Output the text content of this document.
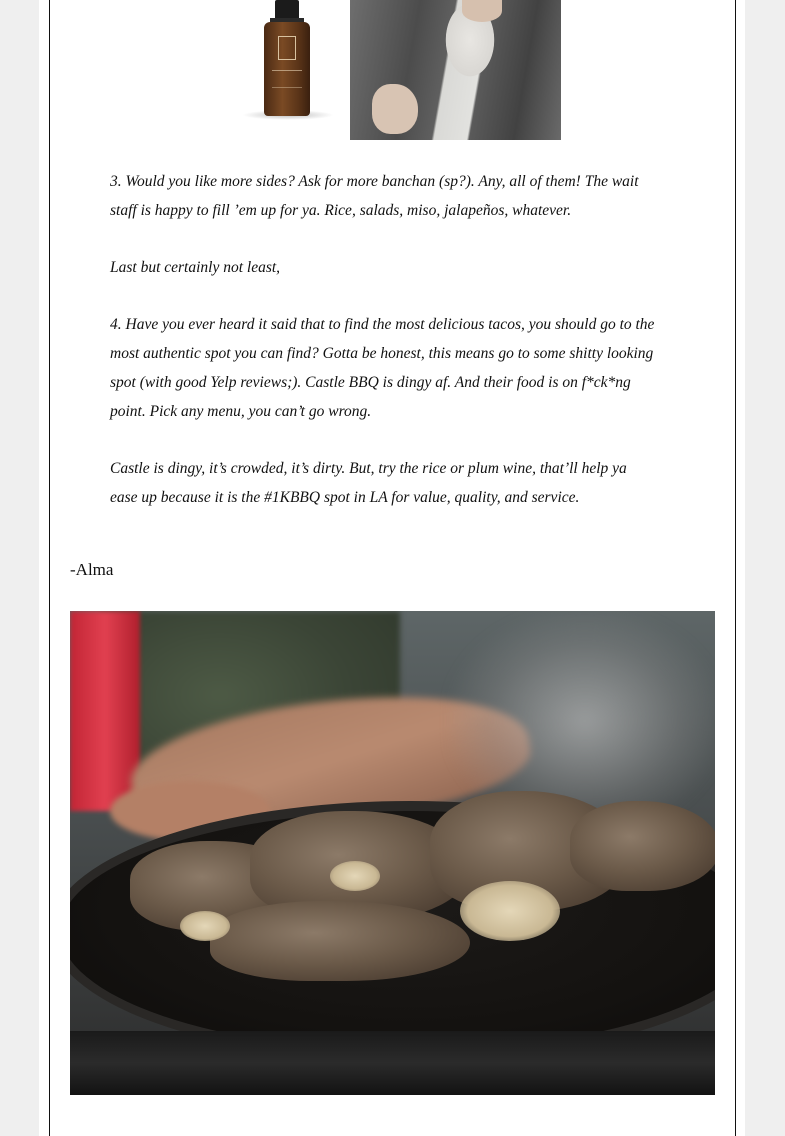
3. Would you like more sides? Ask for more banchan (sp?). Any, all of them! The wait
staff is happy to fill ’em up for ya. Rice, salads, miso, jalapeños, whatever.

Last but certainly not least,

4. Have you ever heard it said that to find the most delicious tacos, you should go to the
most authentic spot you can find? Gotta be honest, this means go to some shitty looking
spot (with good Yelp reviews;). Castle BBQ is dingy af. And their food is on f*ck*ng
point. Pick any menu, you can’t go wrong.

Castle is dingy, it’s crowded, it’s dirty. But, try the rice or plum wine, that’ll help ya
ease up because it is the #1KBBQ spot in LA for value, quality, and service.

-Alma
